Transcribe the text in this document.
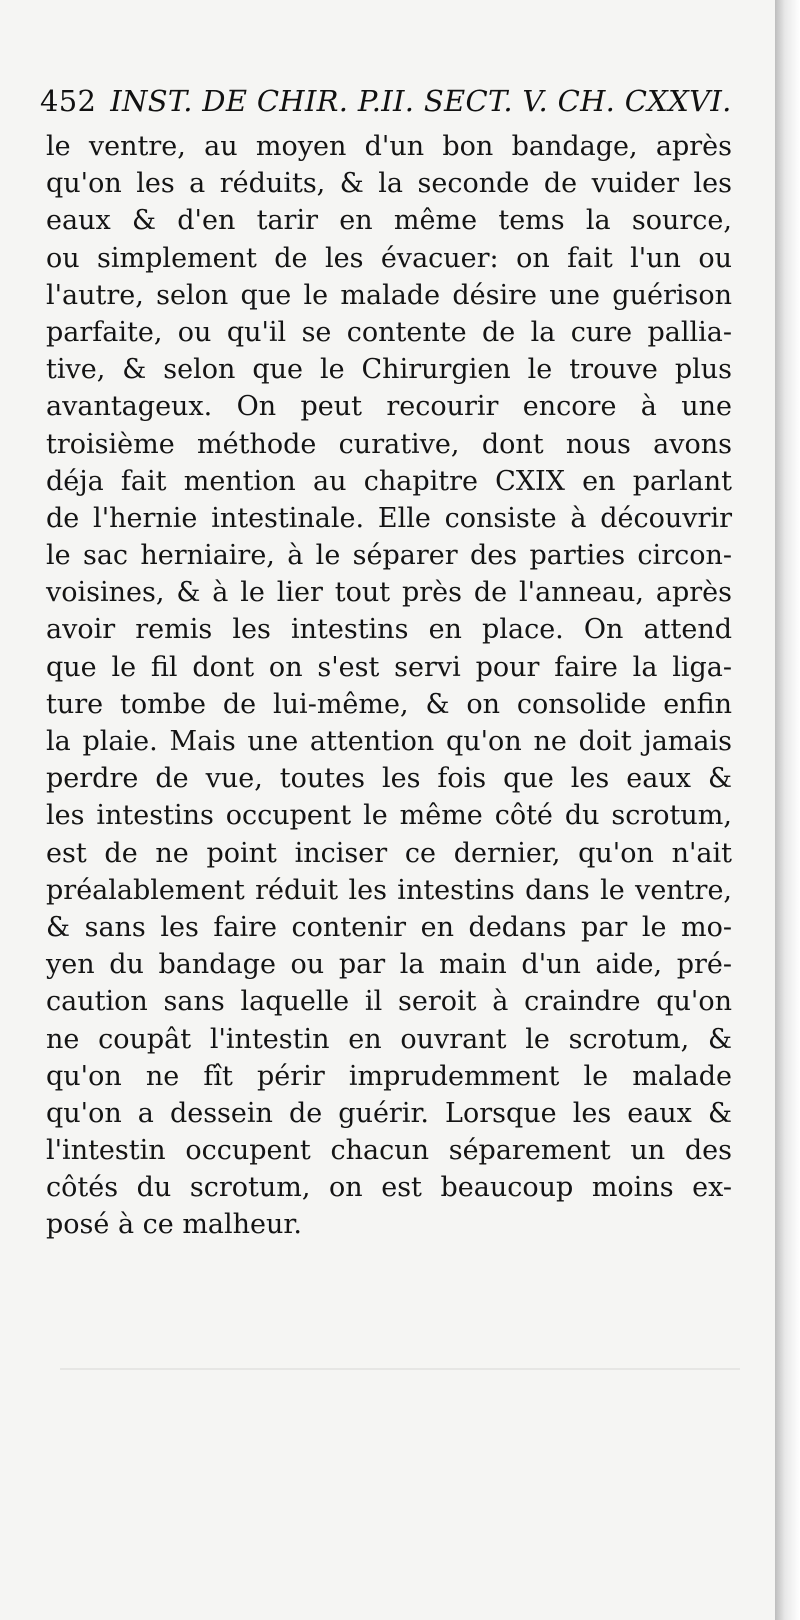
452 INST. DE CHIR. P.II. SECT. V. CH. CXXVI.
le ventre, au moyen d'un bon bandage, après
qu'on les a réduits, & la seconde de vuider les
eaux & d'en tarir en même tems la source,
ou simplement de les évacuer: on fait l'un ou
l'autre, selon que le malade désire une guérison
parfaite, ou qu'il se contente de la cure pallia-
tive, & selon que le Chirurgien le trouve plus
avantageux. On peut recourir encore à une
troisième méthode curative, dont nous avons
déja fait mention au chapitre CXIX en parlant
de l'hernie intestinale. Elle consiste à découvrir
le sac herniaire, à le séparer des parties circon-
voisines, & à le lier tout près de l'anneau, après
avoir remis les intestins en place. On attend
que le fil dont on s'est servi pour faire la liga-
ture tombe de lui-même, & on consolide enfin
la plaie. Mais une attention qu'on ne doit jamais
perdre de vue, toutes les fois que les eaux &
les intestins occupent le même côté du scrotum,
est de ne point inciser ce dernier, qu'on n'ait
préalablement réduit les intestins dans le ventre,
& sans les faire contenir en dedans par le mo-
yen du bandage ou par la main d'un aide, pré-
caution sans laquelle il seroit à craindre qu'on
ne coupât l'intestin en ouvrant le scrotum, &
qu'on ne fît périr imprudemment le malade
qu'on a dessein de guérir. Lorsque les eaux &
l'intestin occupent chacun séparement un des
côtés du scrotum, on est beaucoup moins ex-
posé à ce malheur.
